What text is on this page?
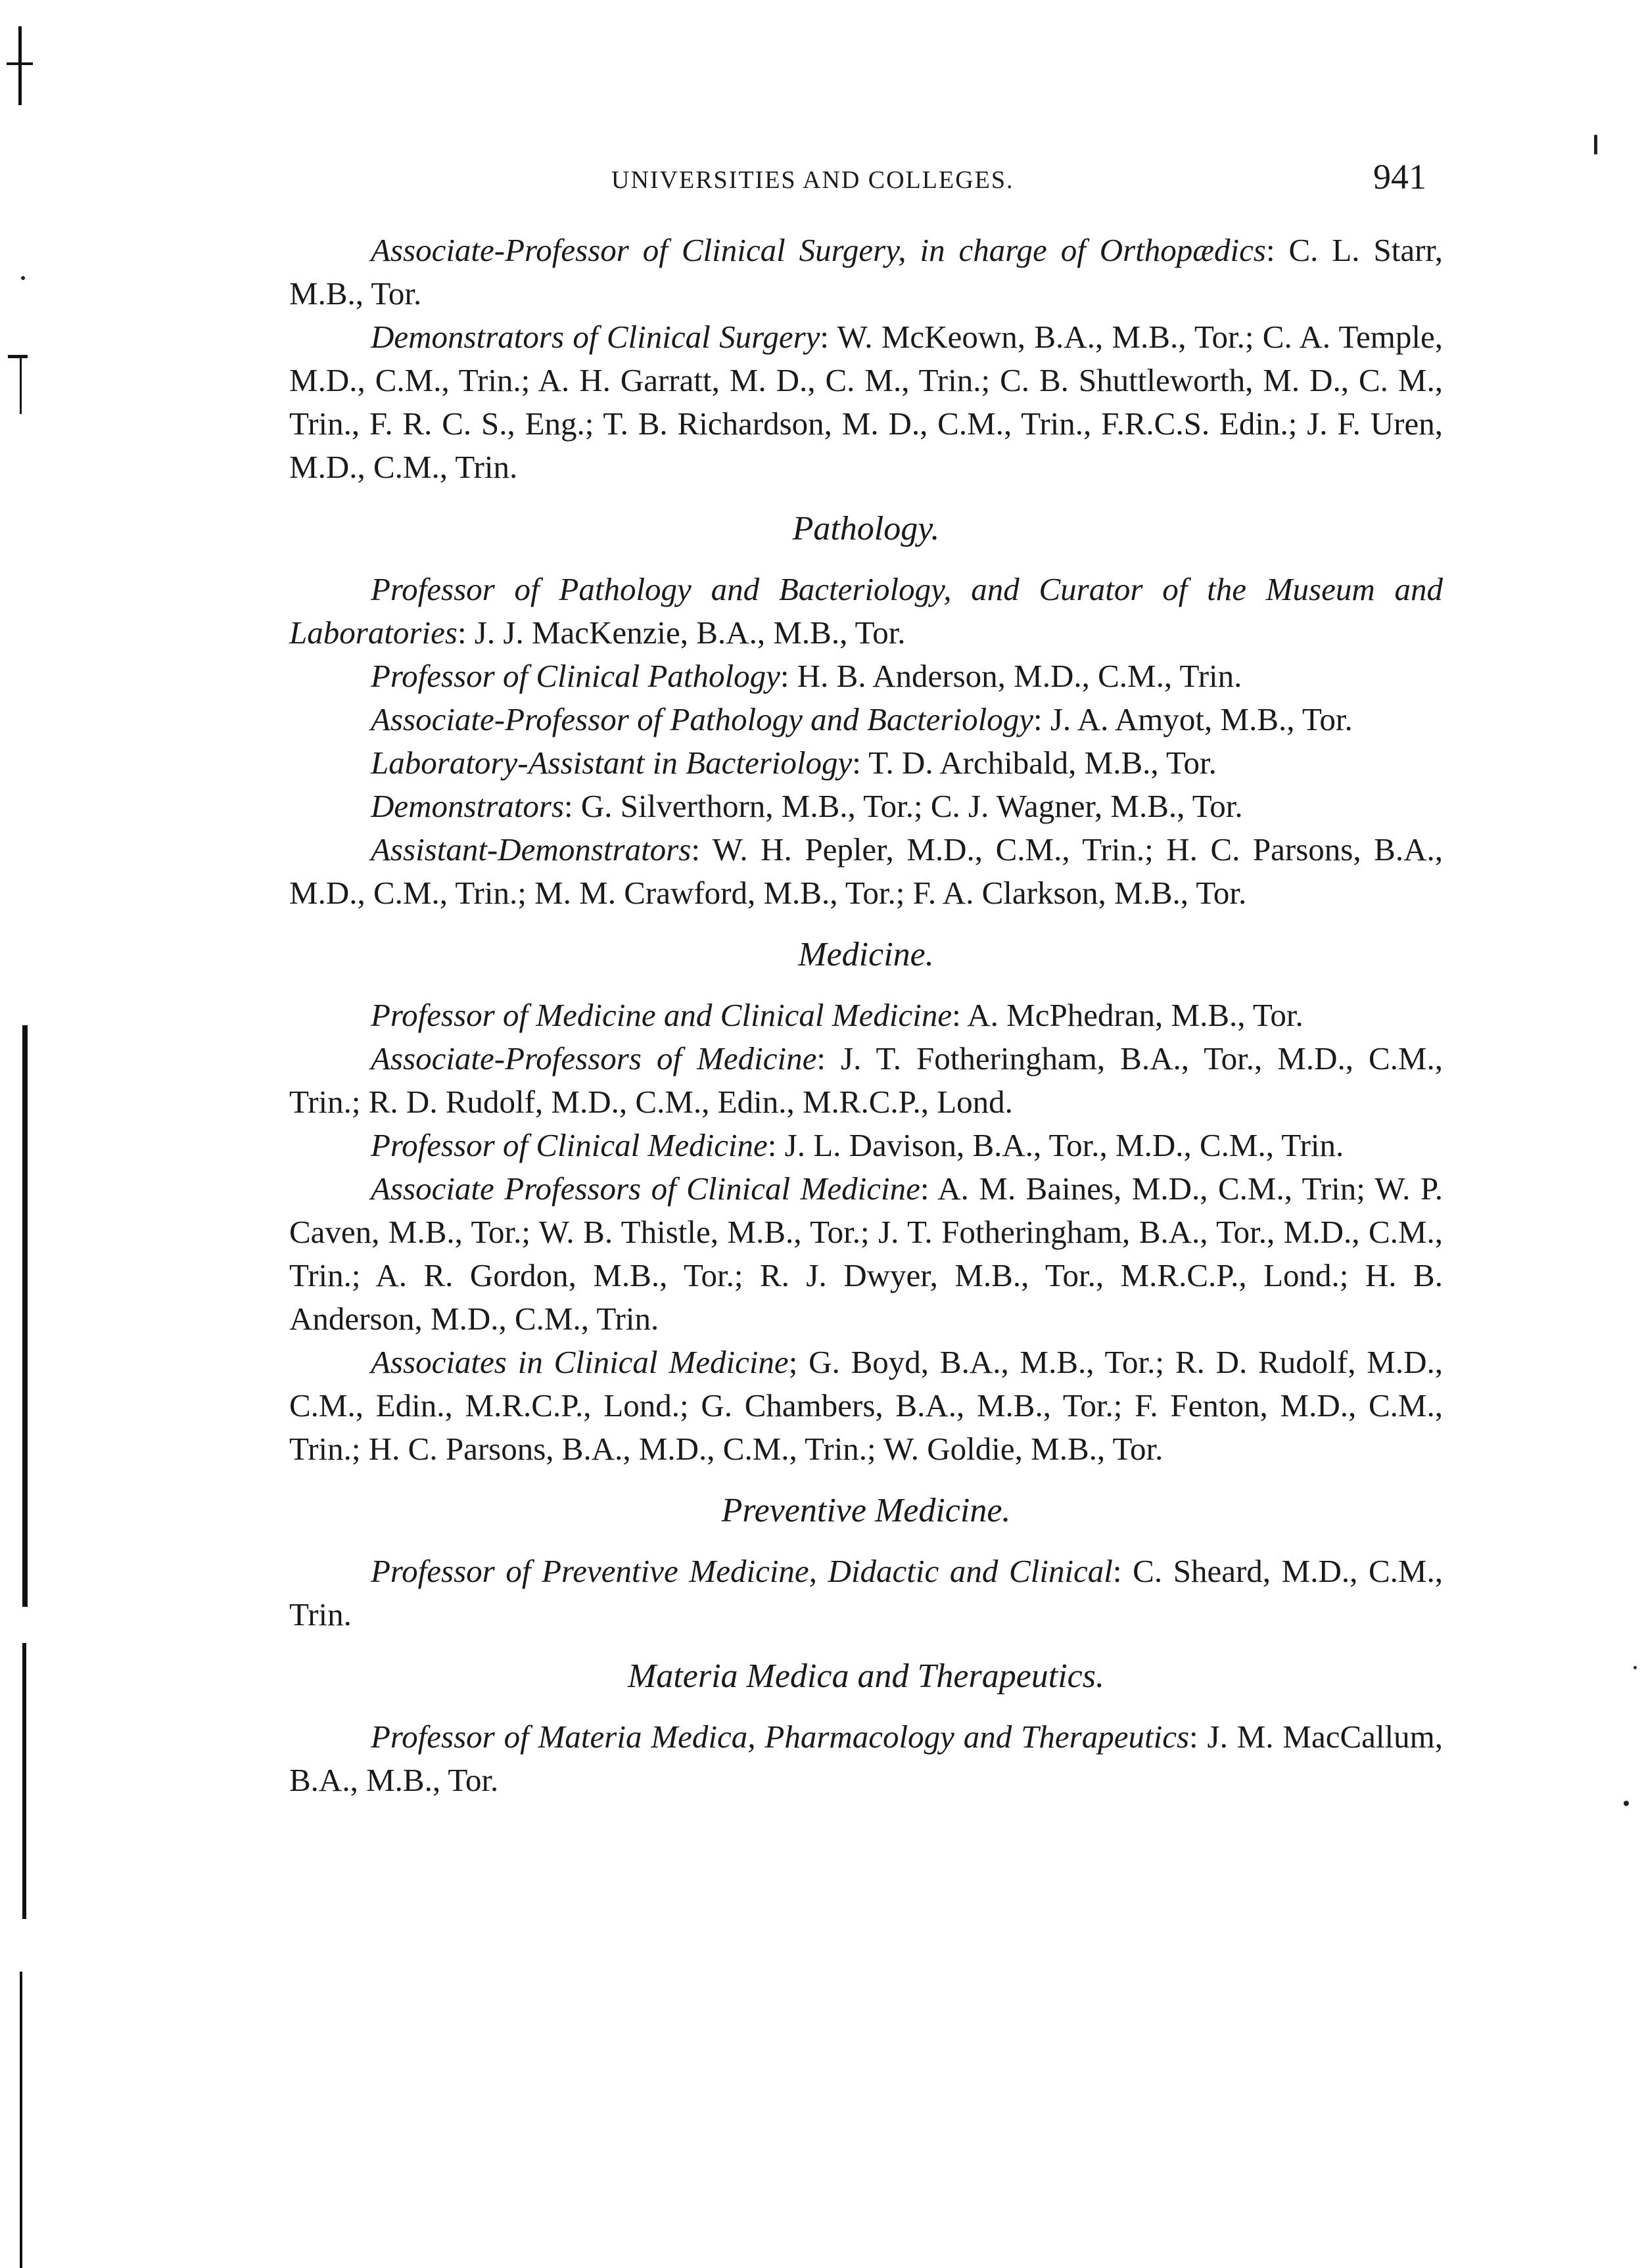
UNIVERSITIES AND COLLEGES.	941

Associate-Professor of Clinical Surgery, in charge of Orthopædics: C. L. Starr, M.B., Tor.

Demonstrators of Clinical Surgery: W. McKeown, B.A., M.B., Tor.; C. A. Temple, M.D., C.M., Trin.; A. H. Garratt, M. D., C. M., Trin.; C. B. Shuttleworth, M. D., C. M., Trin., F. R. C. S., Eng.; T. B. Richardson, M. D., C.M., Trin., F.R.C.S. Edin.; J. F. Uren, M.D., C.M., Trin.

Pathology.

Professor of Pathology and Bacteriology, and Curator of the Museum and Laboratories: J. J. MacKenzie, B.A., M.B., Tor.

Professor of Clinical Pathology: H. B. Anderson, M.D., C.M., Trin.

Associate-Professor of Pathology and Bacteriology: J. A. Amyot, M.B., Tor.

Laboratory-Assistant in Bacteriology: T. D. Archibald, M.B., Tor.

Demonstrators: G. Silverthorn, M.B., Tor.; C. J. Wagner, M.B., Tor.

Assistant-Demonstrators: W. H. Pepler, M.D., C.M., Trin.; H. C. Parsons, B.A., M.D., C.M., Trin.; M. M. Crawford, M.B., Tor.; F. A. Clarkson, M.B., Tor.

Medicine.

Professor of Medicine and Clinical Medicine: A. McPhedran, M.B., Tor.

Associate-Professors of Medicine: J. T. Fotheringham, B.A., Tor., M.D., C.M., Trin.; R. D. Rudolf, M.D., C.M., Edin., M.R.C.P., Lond.

Professor of Clinical Medicine: J. L. Davison, B.A., Tor., M.D., C.M., Trin.

Associate Professors of Clinical Medicine: A. M. Baines, M.D., C.M., Trin; W. P. Caven, M.B., Tor.; W. B. Thistle, M.B., Tor.; J. T. Fotheringham, B.A., Tor., M.D., C.M., Trin.; A. R. Gordon, M.B., Tor.; R. J. Dwyer, M.B., Tor., M.R.C.P., Lond.; H. B. Anderson, M.D., C.M., Trin.

Associates in Clinical Medicine; G. Boyd, B.A., M.B., Tor.; R. D. Rudolf, M.D., C.M., Edin., M.R.C.P., Lond.; G. Chambers, B.A., M.B., Tor.; F. Fenton, M.D., C.M., Trin.; H. C. Parsons, B.A., M.D., C.M., Trin.; W. Goldie, M.B., Tor.

Preventive Medicine.

Professor of Preventive Medicine, Didactic and Clinical: C. Sheard, M.D., C.M., Trin.

Materia Medica and Therapeutics.

Professor of Materia Medica, Pharmacology and Therapeutics: J. M. MacCallum, B.A., M.B., Tor.
